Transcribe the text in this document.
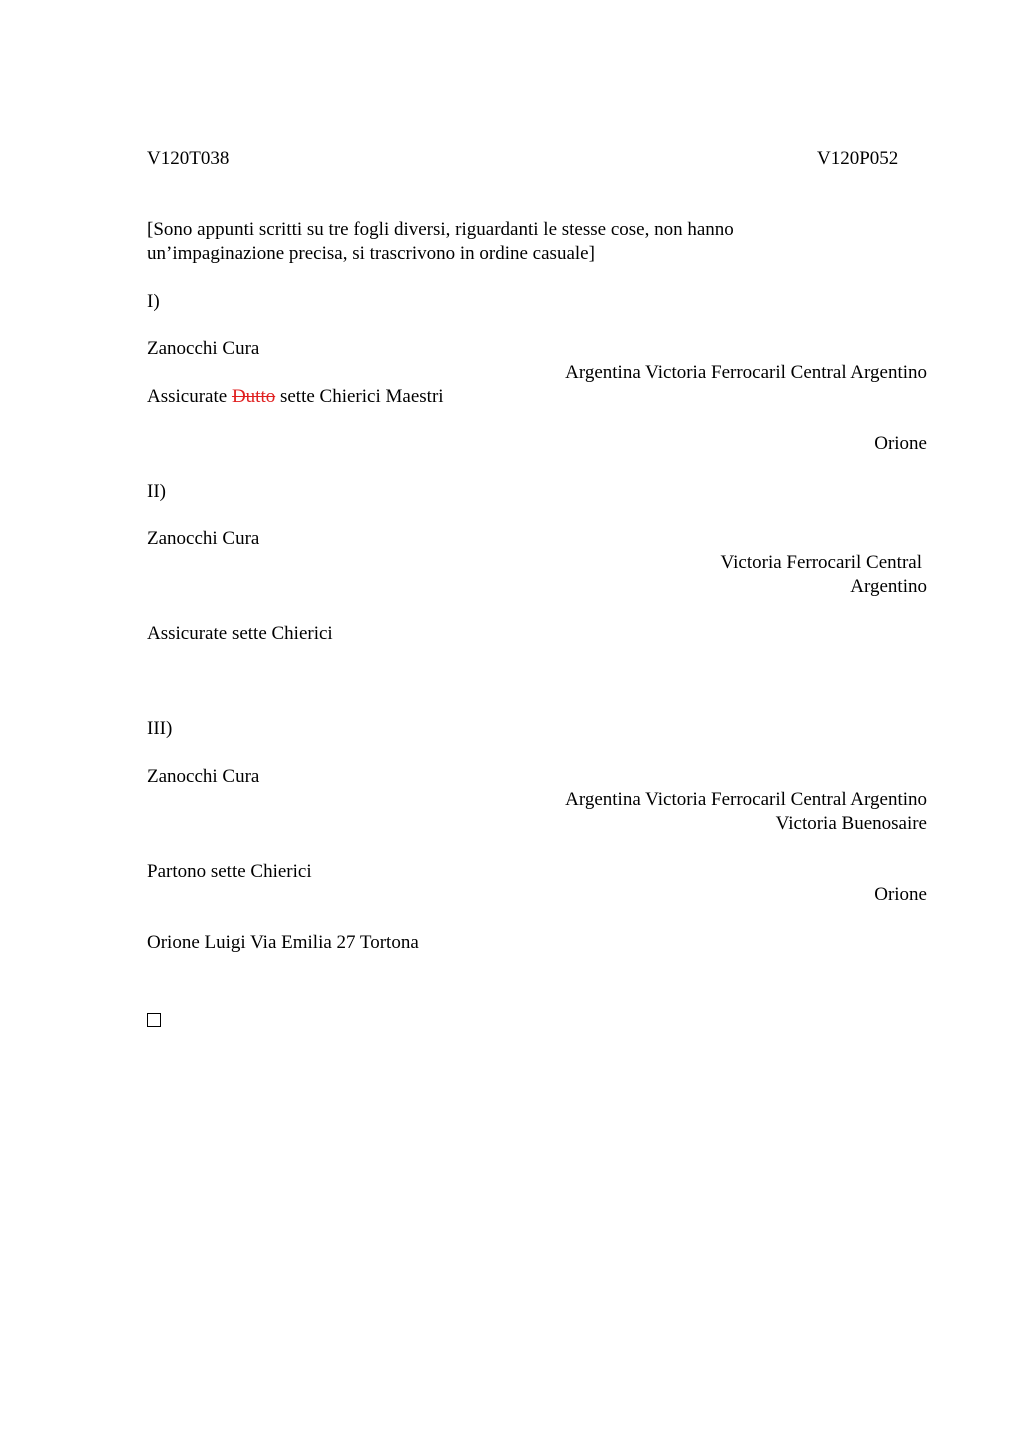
V120T038	V120P052
[Sono appunti scritti su tre fogli diversi, riguardanti le stesse cose, non hanno
un’impaginazione precisa, si trascrivono in ordine casuale]
I)
Zanocchi Cura
Argentina Victoria Ferrocaril Central Argentino
Assicurate Dutto sette Chierici Maestri
Orione
II)
Zanocchi Cura
Victoria Ferrocaril Central
Argentino
Assicurate sette Chierici
III)
Zanocchi Cura
Argentina Victoria Ferrocaril Central Argentino
Victoria Buenosaire
Partono sette Chierici
Orione
Orione Luigi Via Emilia 27 Tortona
